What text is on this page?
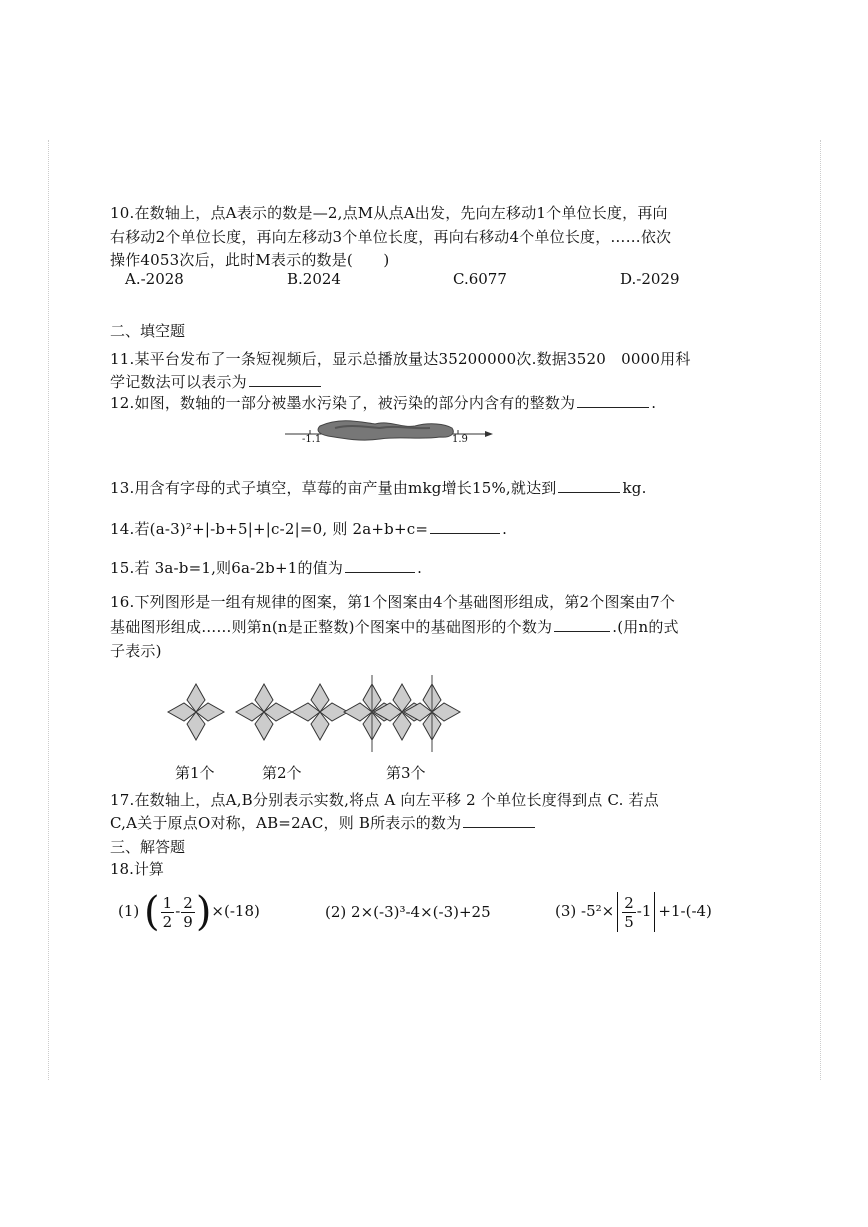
10.在数轴上，点A表示的数是—2,点M从点A出发，先向左移动1个单位长度，再向
右移动2个单位长度，再向左移动3个单位长度，再向右移动4个单位长度，……依次
操作4053次后，此时M表示的数是(　　)
A.-2028	B.2024	C.6077	D.-2029
二、填空题
11.某平台发布了一条短视频后，显示总播放量达35200000次.数据3520　0000用科
学记数法可以表示为
12.如图，数轴的一部分被墨水污染了，被污染的部分内含有的整数为	.
-1.1	1.9
13.用含有字母的式子填空，草莓的亩产量由mkg增长15%,就达到	kg.
14.若(a-3)²+|-b+5|+|c-2|=0, 则 2a+b+c=	.
15.若 3a-b=1,则6a-2b+1的值为	.
16.下列图形是一组有规律的图案，第1个图案由4个基础图形组成，第2个图案由7个
基础图形组成……则第n(n是正整数)个图案中的基础图形的个数为	.(用n的式
子表示)
第1个	第2个	第3个
17.在数轴上，点A,B分别表示实数,将点 A 向左平移 2 个单位长度得到点 C. 若点
C,A关于原点O对称，AB=2AC，则 B所表示的数为
三、解答题
18.计算
(1) ( $\frac{1}{2} - \frac{2}{9} )\times(-18)$	(2) 2×(-3)³-4×(-3)+25	(3) $-5^2\times \frac{2}{5} -1 +1-(-4)$
